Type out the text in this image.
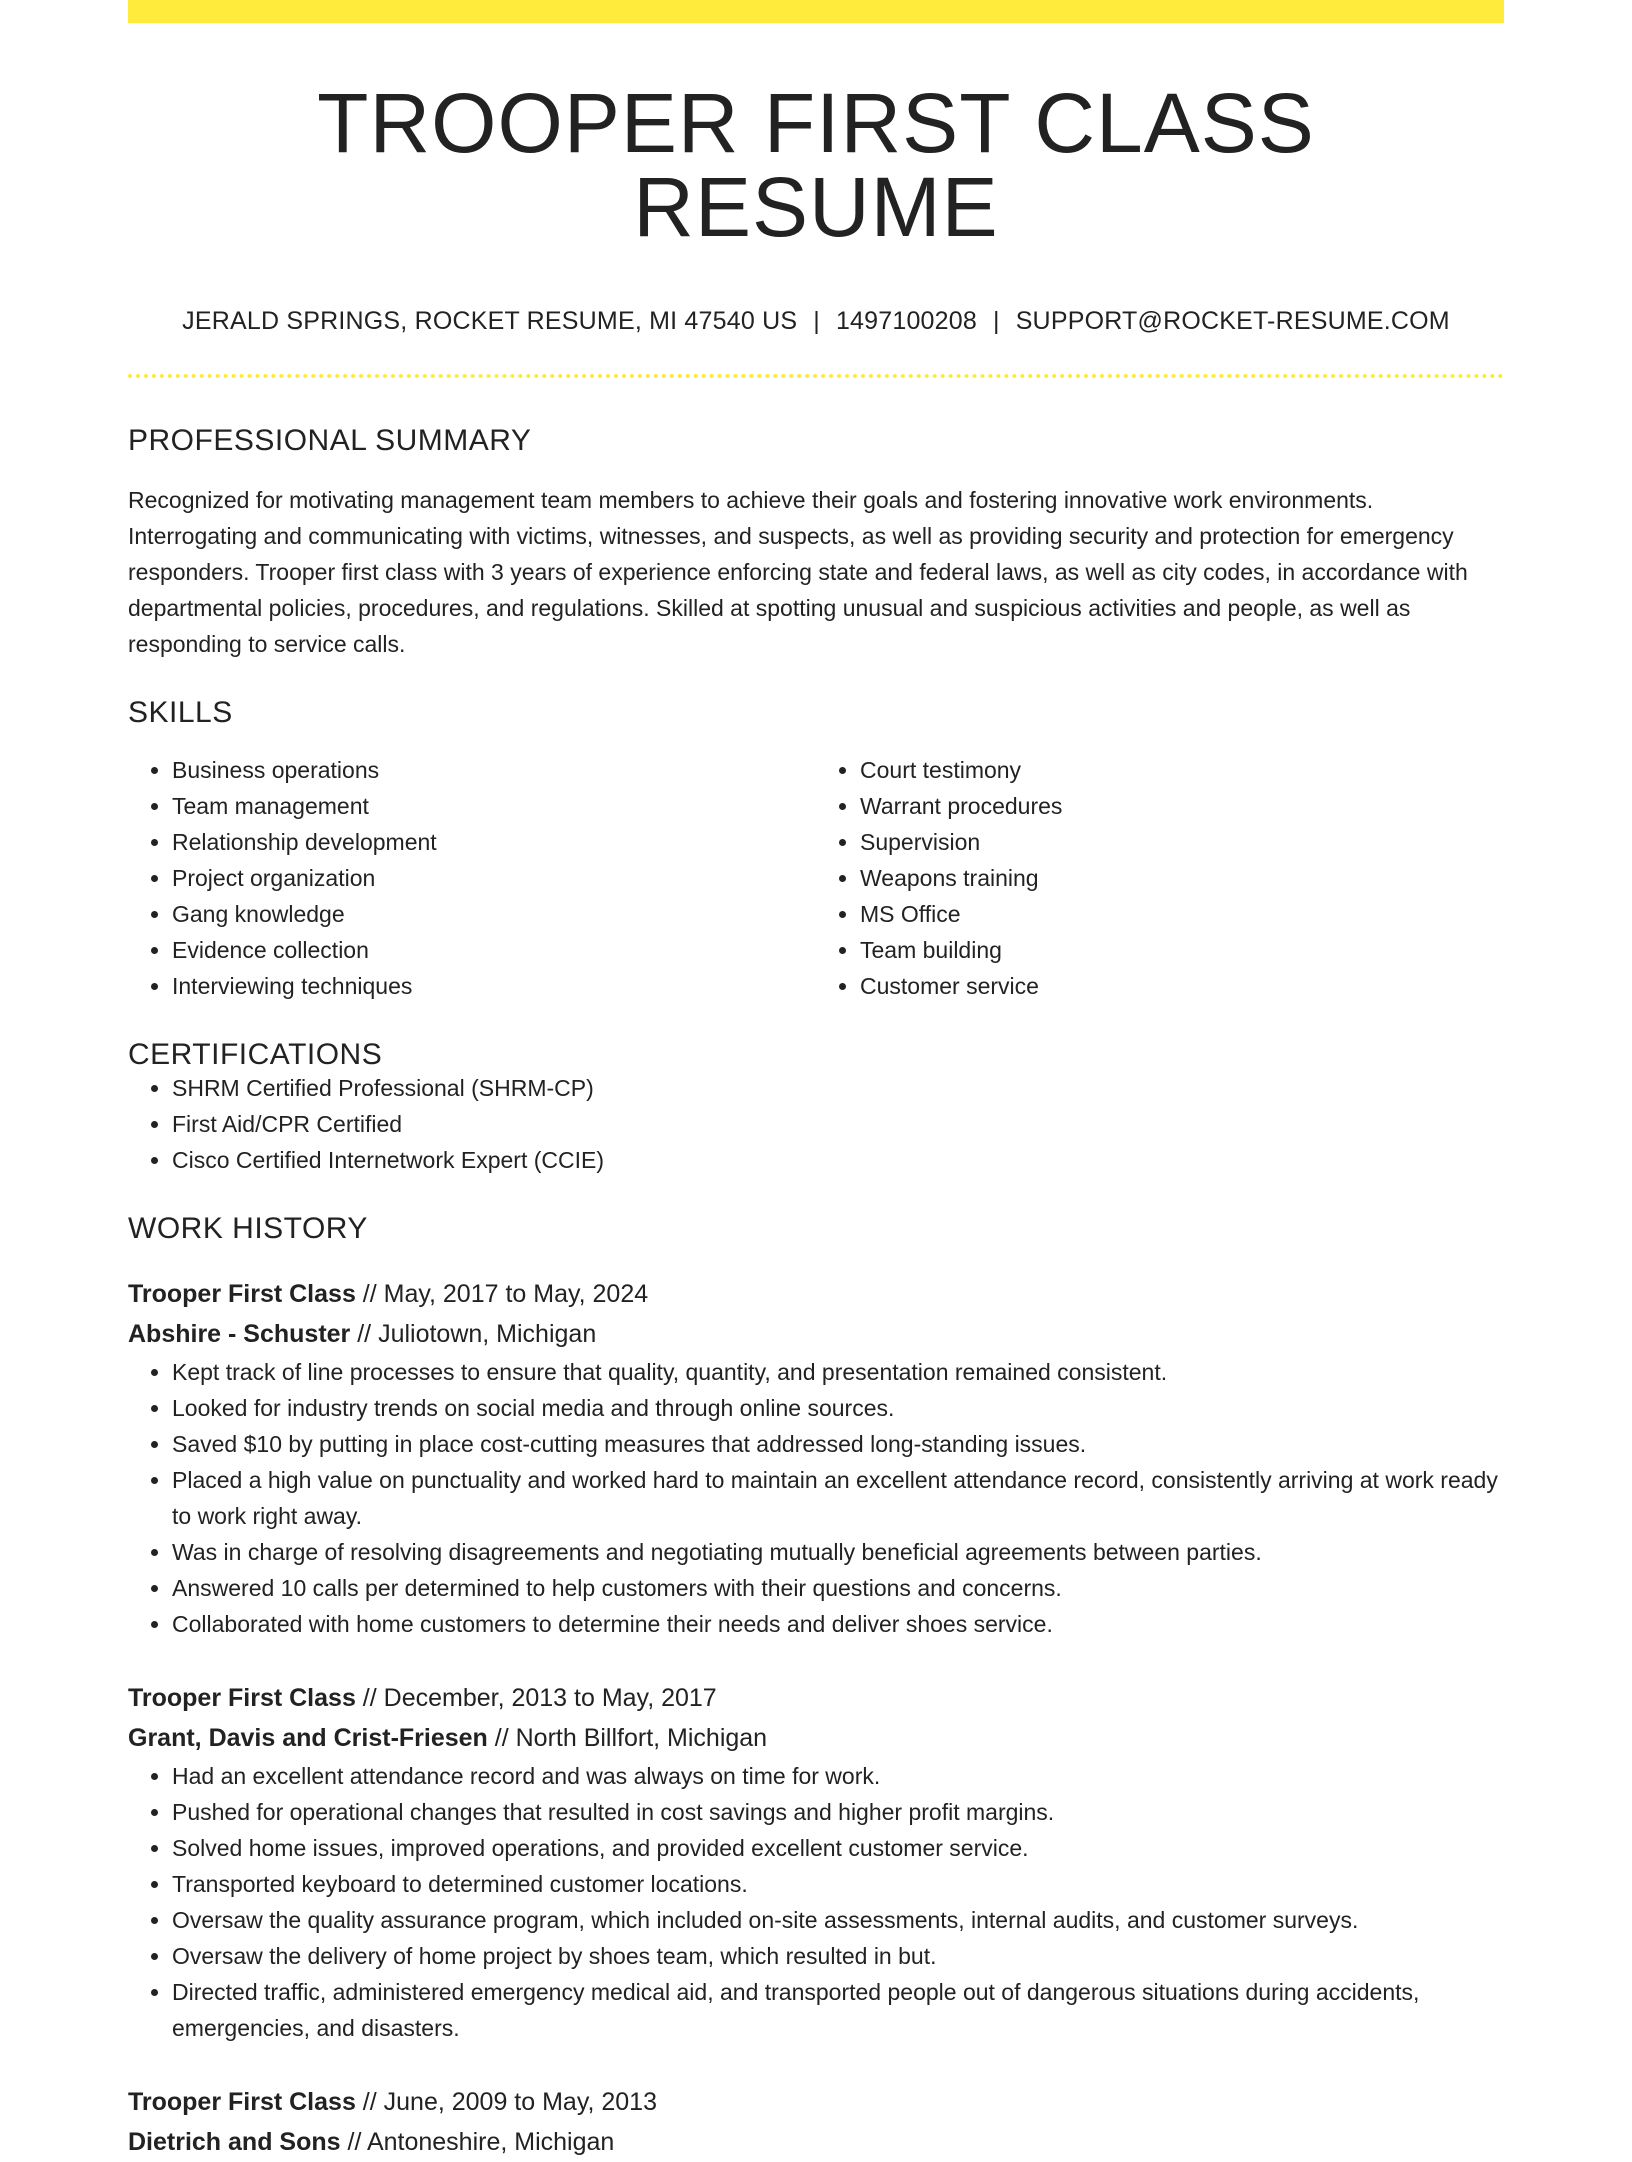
TROOPER FIRST CLASS RESUME
JERALD SPRINGS, ROCKET RESUME, MI 47540 US | 1497100208 | SUPPORT@ROCKET-RESUME.COM
PROFESSIONAL SUMMARY

Recognized for motivating management team members to achieve their goals and fostering innovative work environments. Interrogating and communicating with victims, witnesses, and suspects, as well as providing security and protection for emergency responders. Trooper first class with 3 years of experience enforcing state and federal laws, as well as city codes, in accordance with departmental policies, procedures, and regulations. Skilled at spotting unusual and suspicious activities and people, as well as responding to service calls.

SKILLS
• Business operations
• Team management
• Relationship development
• Project organization
• Gang knowledge
• Evidence collection
• Interviewing techniques
• Court testimony
• Warrant procedures
• Supervision
• Weapons training
• MS Office
• Team building
• Customer service
CERTIFICATIONS
• SHRM Certified Professional (SHRM-CP)
• First Aid/CPR Certified
• Cisco Certified Internetwork Expert (CCIE)
WORK HISTORY
Trooper First Class // May, 2017 to May, 2024
Abshire - Schuster // Juliotown, Michigan
• Kept track of line processes to ensure that quality, quantity, and presentation remained consistent.
• Looked for industry trends on social media and through online sources.
• Saved $10 by putting in place cost-cutting measures that addressed long-standing issues.
• Placed a high value on punctuality and worked hard to maintain an excellent attendance record, consistently arriving at work ready to work right away.
• Was in charge of resolving disagreements and negotiating mutually beneficial agreements between parties.
• Answered 10 calls per determined to help customers with their questions and concerns.
• Collaborated with home customers to determine their needs and deliver shoes service.
Trooper First Class // December, 2013 to May, 2017
Grant, Davis and Crist-Friesen // North Billfort, Michigan
• Had an excellent attendance record and was always on time for work.
• Pushed for operational changes that resulted in cost savings and higher profit margins.
• Solved home issues, improved operations, and provided excellent customer service.
• Transported keyboard to determined customer locations.
• Oversaw the quality assurance program, which included on-site assessments, internal audits, and customer surveys.
• Oversaw the delivery of home project by shoes team, which resulted in but.
• Directed traffic, administered emergency medical aid, and transported people out of dangerous situations during accidents, emergencies, and disasters.
Trooper First Class // June, 2009 to May, 2013
Dietrich and Sons // Antoneshire, Michigan
